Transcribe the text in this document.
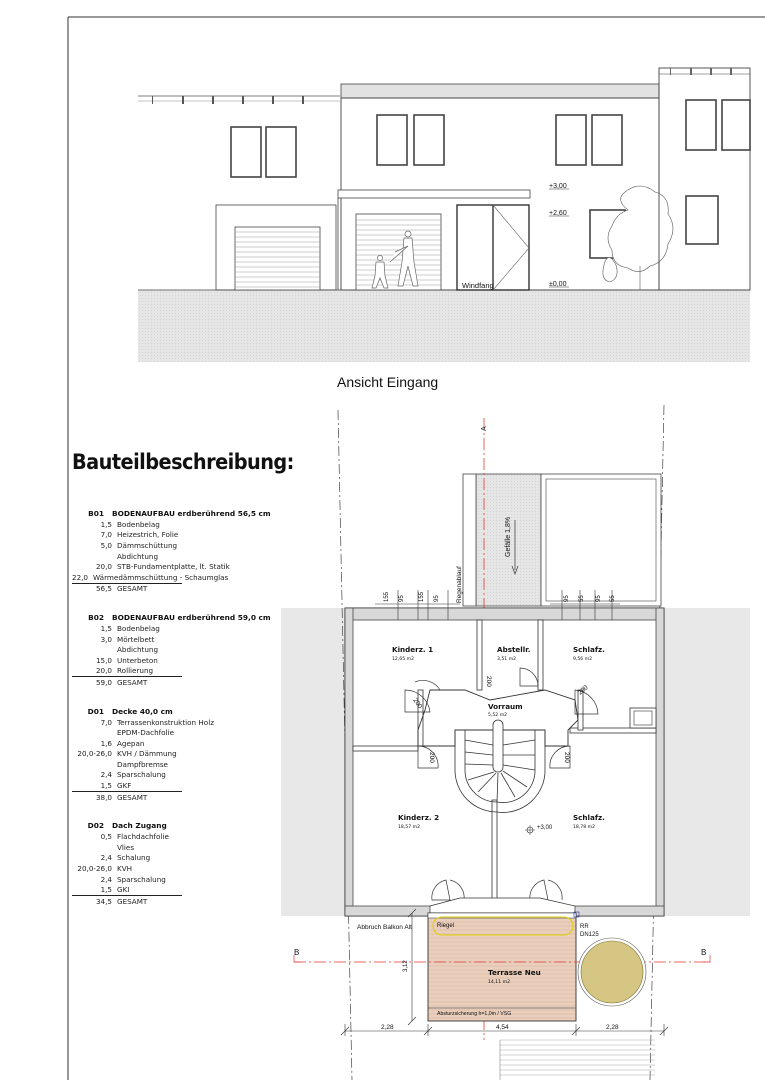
Windfang
+3,00
+2,60
±0,00
Ansicht Eingang
Gefälle 1,8%
Regenablauf
A
155 95 155 95	95 55 95 55
200
200
200
200	200
+3,00
Riegel
Abbruch Balkon Alt	RR
DN125
Absturzsicherung h=1,0m / VSG
B	B
3,12
2,28	4,54	2,28
Kinderz. 1	Abstellr.	Schlafz.
Vorraum
Kinderz. 2	Schlafz.
Terrasse Neu
12,65 m2	3,51 m2	9,56 m2
5,52 m2
18,57 m2	18,78 m2
14,11 m2
Bauteilbeschreibung:
B01	BODENAUFBAU erdberührend 56,5 cm
1,5 Bodenbelag
7,0 Heizestrich, Folie
5,0 Dämmschüttung
Abdichtung
20,0 STB-Fundamentplatte, lt. Statik
22,0 Wärmedämmschüttung - Schaumglas
56,5 GESAMT
B02	BODENAUFBAU erdberührend 59,0 cm
1,5 Bodenbelag
3,0 Mörtelbett
Abdichtung
15,0 Unterbeton
20,0 Rollierung
59,0 GESAMT
D01	Decke 40,0 cm
7,0 Terrassenkonstruktion Holz
EPDM-Dachfolie
1,6 Agepan
20,0-26,0 KVH / Dämmung
Dampfbremse
2,4 Sparschalung
1,5 GKF
38,0 GESAMT
D02	Dach Zugang
0,5 Flachdachfolie
Vlies
2,4 Schalung
20,0-26,0 KVH
2,4 Sparschalung
1,5 GKI
34,5 GESAMT
